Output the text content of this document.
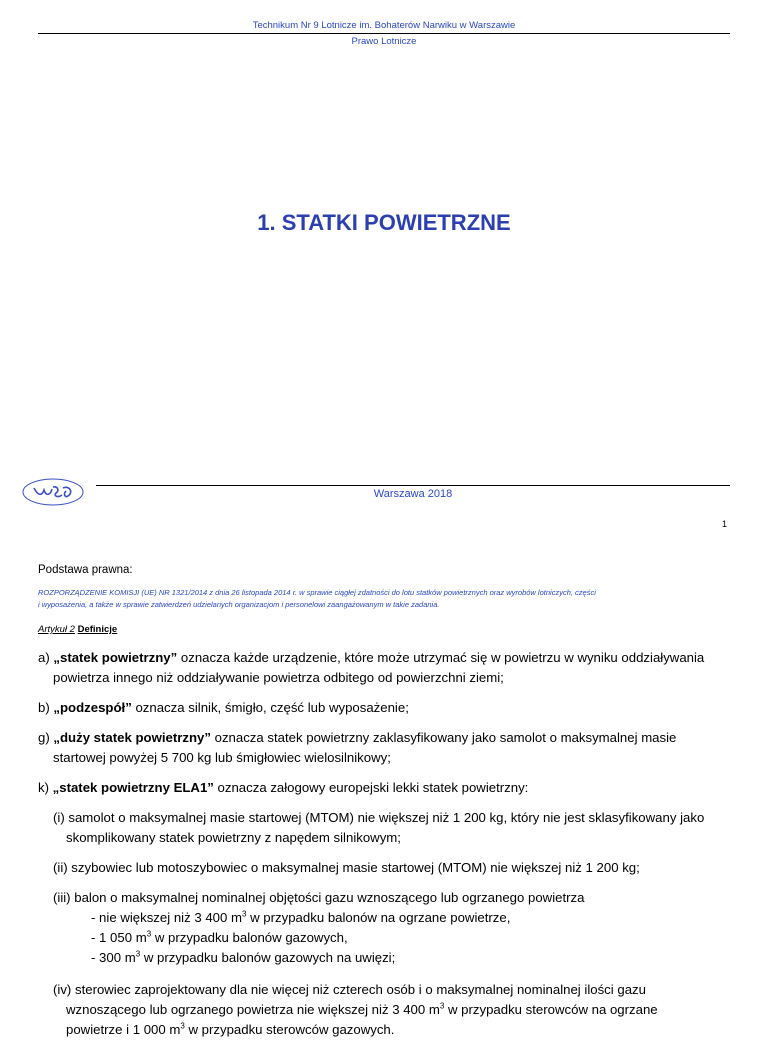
Technikum Nr 9 Lotnicze im. Bohaterów Narwiku w Warszawie
Prawo Lotnicze
1. STATKI POWIETRZNE
Warszawa 2018
1
Podstawa prawna:
ROZPORZĄDZENIE KOMISJI (UE) NR 1321/2014 z dnia 26 listopada 2014 r. w sprawie ciągłej zdatności do lotu statków powietrznych oraz wyrobów lotniczych, części
i wyposażenia, a także w sprawie zatwierdzeń udzielanych organizacjom i personelowi zaangażowanym w takie zadania.
Artykuł 2 Definicje
a) „statek powietrzny” oznacza każde urządzenie, które może utrzymać się w powietrzu w wyniku oddziaływania
powietrza innego niż oddziaływanie powietrza odbitego od powierzchni ziemi;
b) „podzespół” oznacza silnik, śmigło, część lub wyposażenie;
g) „duży statek powietrzny” oznacza statek powietrzny zaklasyfikowany jako samolot o maksymalnej masie
startowej powyżej 5 700 kg lub śmigłowiec wielosilnikowy;
k) „statek powietrzny ELA1” oznacza załogowy europejski lekki statek powietrzny:
(i) samolot o maksymalnej masie startowej (MTOM) nie większej niż 1 200 kg, który nie jest sklasyfikowany jako
skomplikowany statek powietrzny z napędem silnikowym;
(ii) szybowiec lub motoszybowiec o maksymalnej masie startowej (MTOM) nie większej niż 1 200 kg;
(iii) balon o maksymalnej nominalnej objętości gazu wznoszącego lub ogrzanego powietrza
- nie większej niż 3 400 $m^3$ w przypadku balonów na ogrzane powietrze,
- 1 050 $m^3$ w przypadku balonów gazowych,
- 300 $m^3$ w przypadku balonów gazowych na uwięzi;
(iv) sterowiec zaprojektowany dla nie więcej niż czterech osób i o maksymalnej nominalnej ilości gazu
wznoszącego lub ogrzanego powietrza nie większej niż 3 400 $m^3$ w przypadku sterowców na ogrzane
powietrze i 1 000 $m^3$ w przypadku sterowców gazowych.
